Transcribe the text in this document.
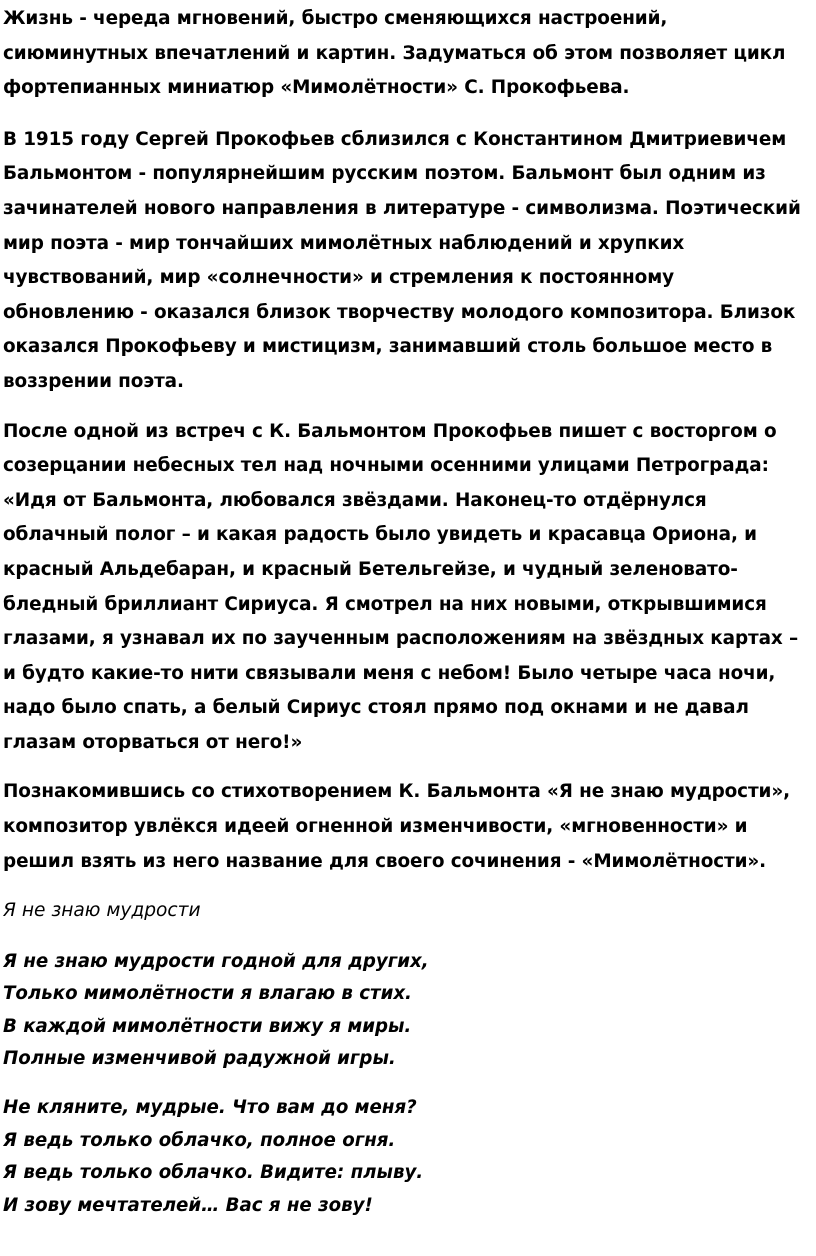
Жизнь - череда мгновений, быстро сменяющихся настроений,
сиюминутных впечатлений и картин. Задуматься об этом позволяет цикл
фортепианных миниатюр «Мимолётности» С. Прокофьева.

В 1915 году Сергей Прокофьев сблизился с Константином Дмитриевичем
Бальмонтом - популярнейшим русским поэтом. Бальмонт был одним из
зачинателей нового направления в литературе - символизма. Поэтический
мир поэта - мир тончайших мимолётных наблюдений и хрупких
чувствований, мир «солнечности» и стремления к постоянному
обновлению - оказался близок творчеству молодого композитора. Близок
оказался Прокофьеву и мистицизм, занимавший столь большое место в
воззрении поэта.

После одной из встреч с К. Бальмонтом Прокофьев пишет с восторгом о
созерцании небесных тел над ночными осенними улицами Петрограда:
«Идя от Бальмонта, любовался звёздами. Наконец-то отдёрнулся
облачный полог – и какая радость было увидеть и красавца Ориона, и
красный Альдебаран, и красный Бетельгейзе, и чудный зеленовато-
бледный бриллиант Сириуса. Я смотрел на них новыми, открывшимися
глазами, я узнавал их по заученным расположениям на звёздных картах –
и будто какие-то нити связывали меня с небом! Было четыре часа ночи,
надо было спать, а белый Сириус стоял прямо под окнами и не давал
глазам оторваться от него!»

Познакомившись со стихотворением К. Бальмонта «Я не знаю мудрости»,
композитор увлёкся идеей огненной изменчивости, «мгновенности» и
решил взять из него название для своего сочинения - «Мимолётности».

Я не знаю мудрости

Я не знаю мудрости годной для других,
Только мимолётности я влагаю в стих.
В каждой мимолётности вижу я миры.
Полные изменчивой радужной игры.

Не кляните, мудрые. Что вам до меня?
Я ведь только облачко, полное огня.
Я ведь только облачко. Видите: плыву.
И зову мечтателей… Вас я не зову!
